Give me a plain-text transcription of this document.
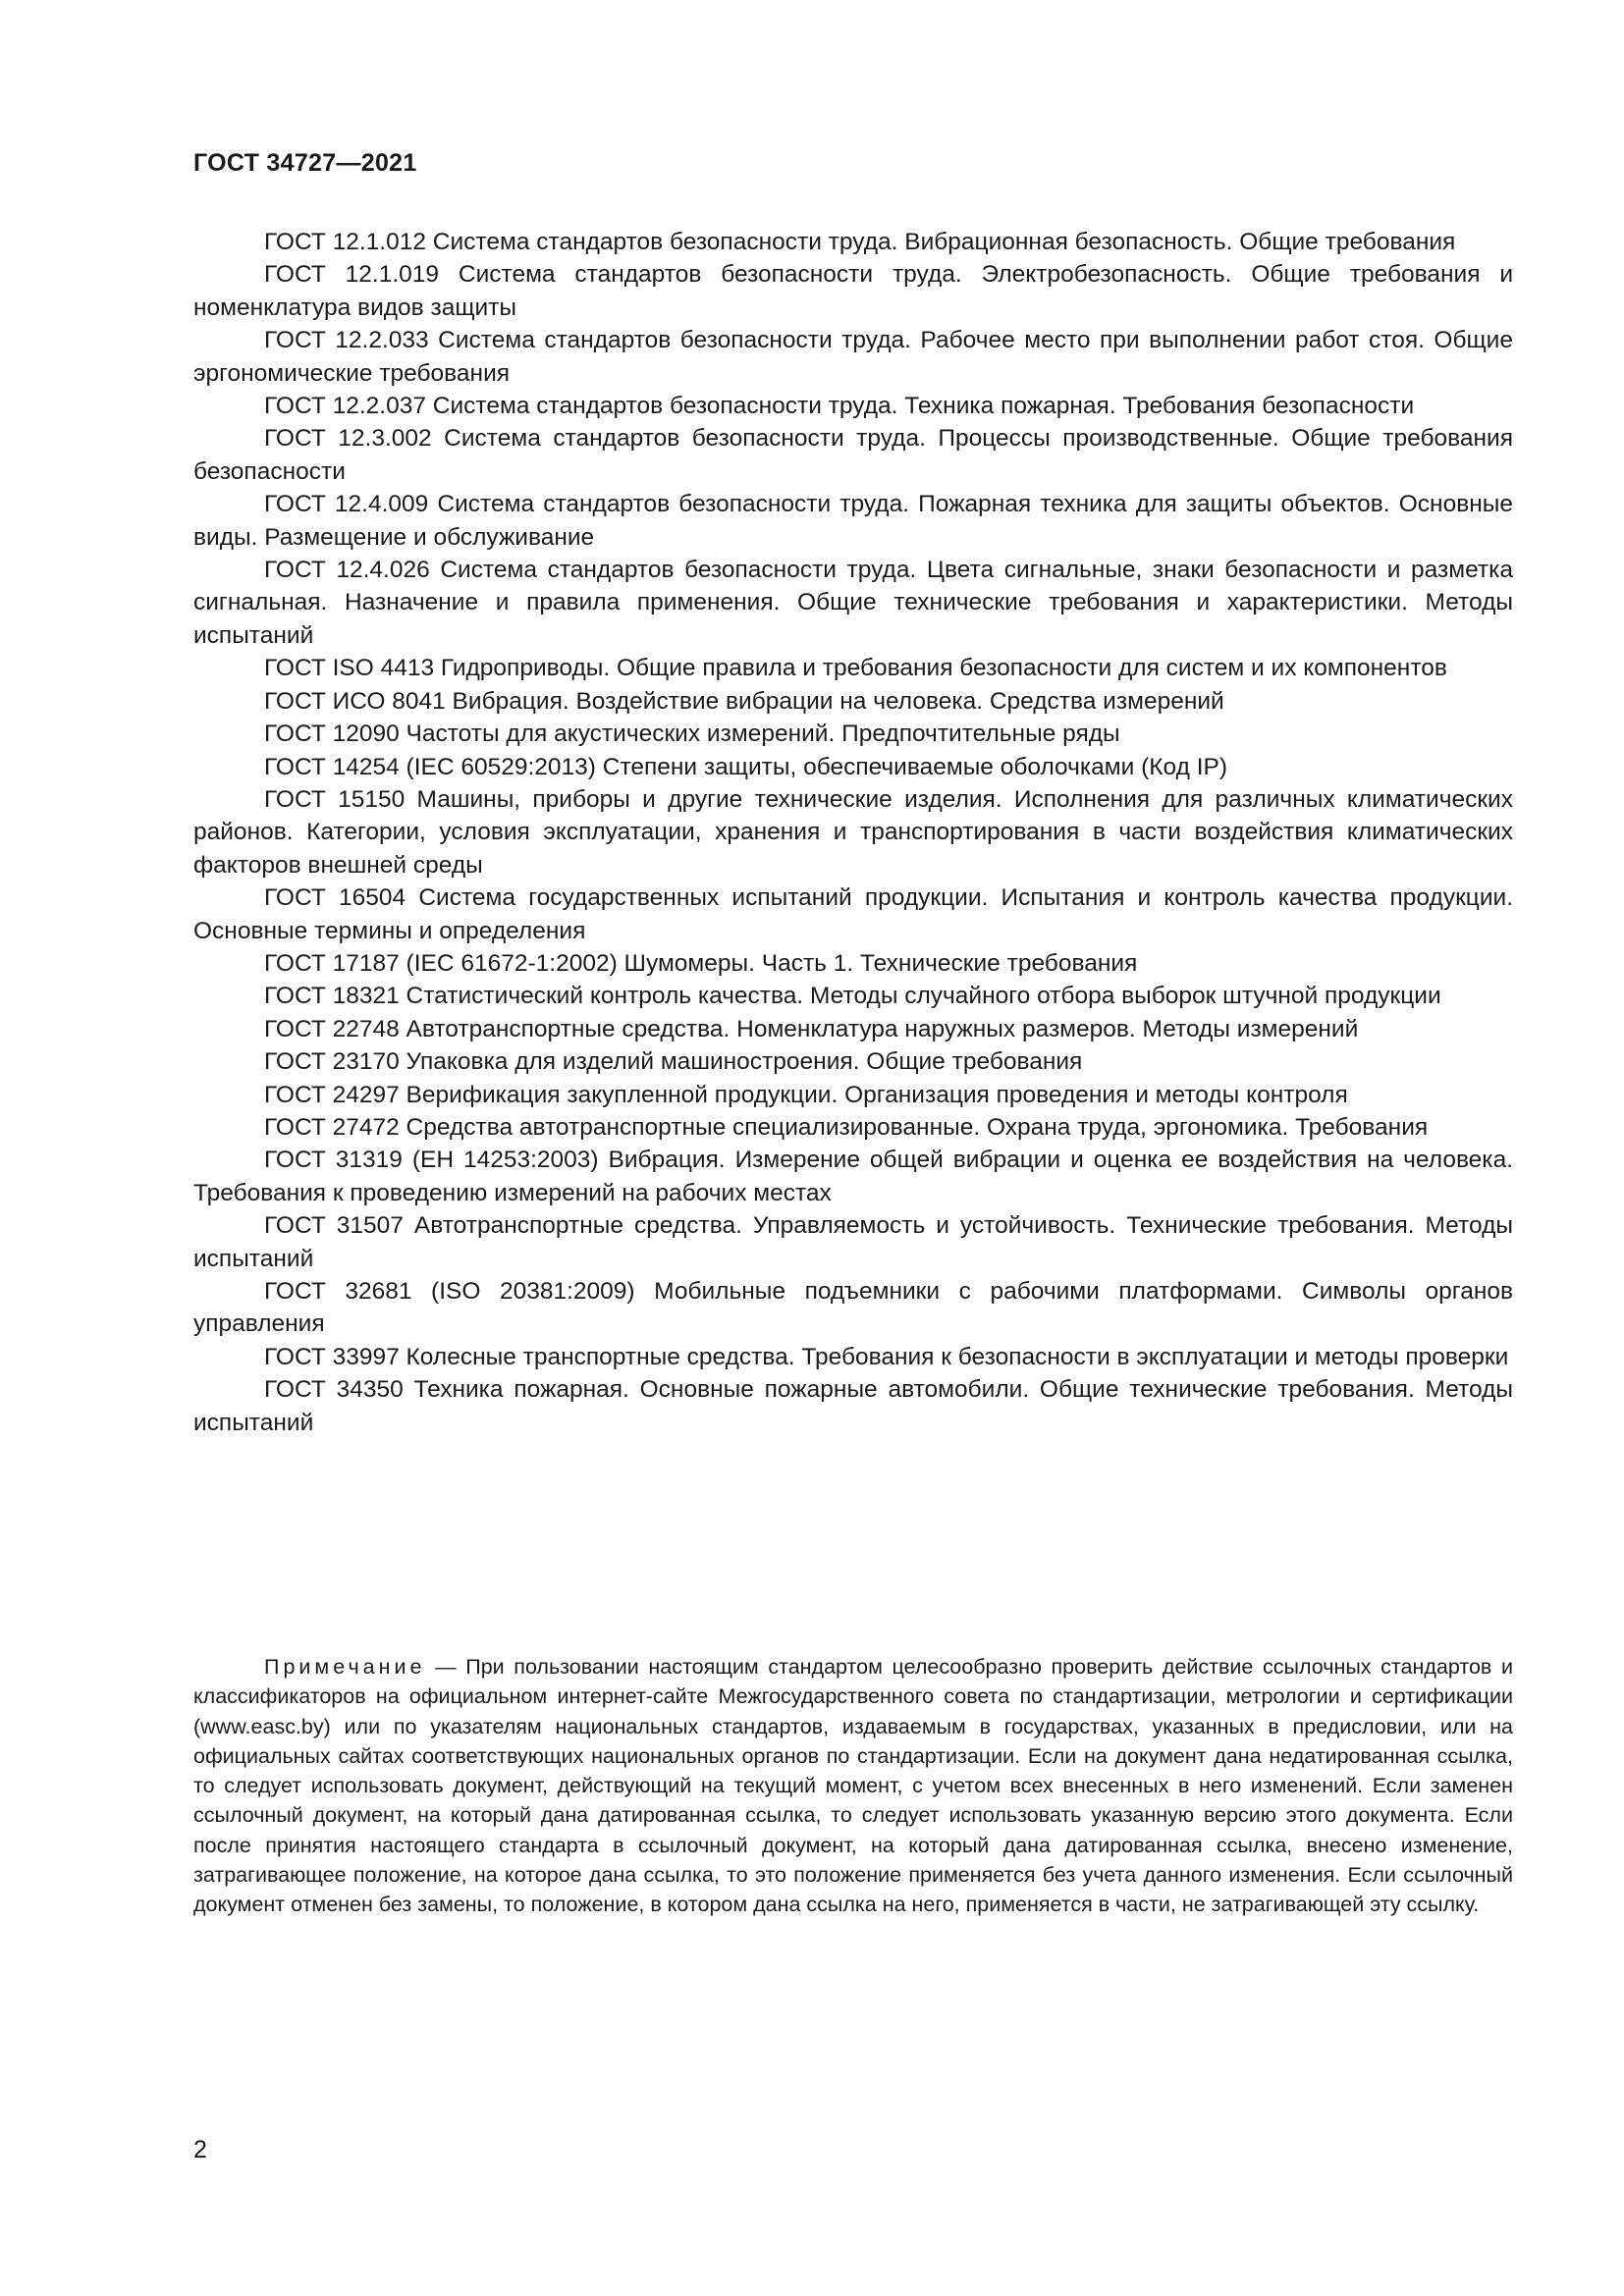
ГОСТ 34727—2021

ГОСТ 12.1.012 Система стандартов безопасности труда. Вибрационная безопасность. Общие требования

ГОСТ 12.1.019 Система стандартов безопасности труда. Электробезопасность. Общие требования и номенклатура видов защиты

ГОСТ 12.2.033 Система стандартов безопасности труда. Рабочее место при выполнении работ стоя. Общие эргономические требования

ГОСТ 12.2.037 Система стандартов безопасности труда. Техника пожарная. Требования безопасности

ГОСТ 12.3.002 Система стандартов безопасности труда. Процессы производственные. Общие требования безопасности

ГОСТ 12.4.009 Система стандартов безопасности труда. Пожарная техника для защиты объектов. Основные виды. Размещение и обслуживание

ГОСТ 12.4.026 Система стандартов безопасности труда. Цвета сигнальные, знаки безопасности и разметка сигнальная. Назначение и правила применения. Общие технические требования и характеристики. Методы испытаний

ГОСТ ISO 4413 Гидроприводы. Общие правила и требования безопасности для систем и их компонентов

ГОСТ ИСО 8041 Вибрация. Воздействие вибрации на человека. Средства измерений

ГОСТ 12090 Частоты для акустических измерений. Предпочтительные ряды

ГОСТ 14254 (IEC 60529:2013) Степени защиты, обеспечиваемые оболочками (Код IP)

ГОСТ 15150 Машины, приборы и другие технические изделия. Исполнения для различных климатических районов. Категории, условия эксплуатации, хранения и транспортирования в части воздействия климатических факторов внешней среды

ГОСТ 16504 Система государственных испытаний продукции. Испытания и контроль качества продукции. Основные термины и определения

ГОСТ 17187 (IEC 61672-1:2002) Шумомеры. Часть 1. Технические требования

ГОСТ 18321 Статистический контроль качества. Методы случайного отбора выборок штучной продукции

ГОСТ 22748 Автотранспортные средства. Номенклатура наружных размеров. Методы измерений

ГОСТ 23170 Упаковка для изделий машиностроения. Общие требования

ГОСТ 24297 Верификация закупленной продукции. Организация проведения и методы контроля

ГОСТ 27472 Средства автотранспортные специализированные. Охрана труда, эргономика. Требования

ГОСТ 31319 (ЕН 14253:2003) Вибрация. Измерение общей вибрации и оценка ее воздействия на человека. Требования к проведению измерений на рабочих местах

ГОСТ 31507 Автотранспортные средства. Управляемость и устойчивость. Технические требования. Методы испытаний

ГОСТ 32681 (ISO 20381:2009) Мобильные подъемники с рабочими платформами. Символы органов управления

ГОСТ 33997 Колесные транспортные средства. Требования к безопасности в эксплуатации и методы проверки

ГОСТ 34350 Техника пожарная. Основные пожарные автомобили. Общие технические требования. Методы испытаний

Примечание — При пользовании настоящим стандартом целесообразно проверить действие ссылочных стандартов и классификаторов на официальном интернет-сайте Межгосударственного совета по стандартизации, метрологии и сертификации (www.easc.by) или по указателям национальных стандартов, издаваемым в государствах, указанных в предисловии, или на официальных сайтах соответствующих национальных органов по стандартизации. Если на документ дана недатированная ссылка, то следует использовать документ, действующий на текущий момент, с учетом всех внесенных в него изменений. Если заменен ссылочный документ, на который дана датированная ссылка, то следует использовать указанную версию этого документа. Если после принятия настоящего стандарта в ссылочный документ, на который дана датированная ссылка, внесено изменение, затрагивающее положение, на которое дана ссылка, то это положение применяется без учета данного изменения. Если ссылочный документ отменен без замены, то положение, в котором дана ссылка на него, применяется в части, не затрагивающей эту ссылку.

2
